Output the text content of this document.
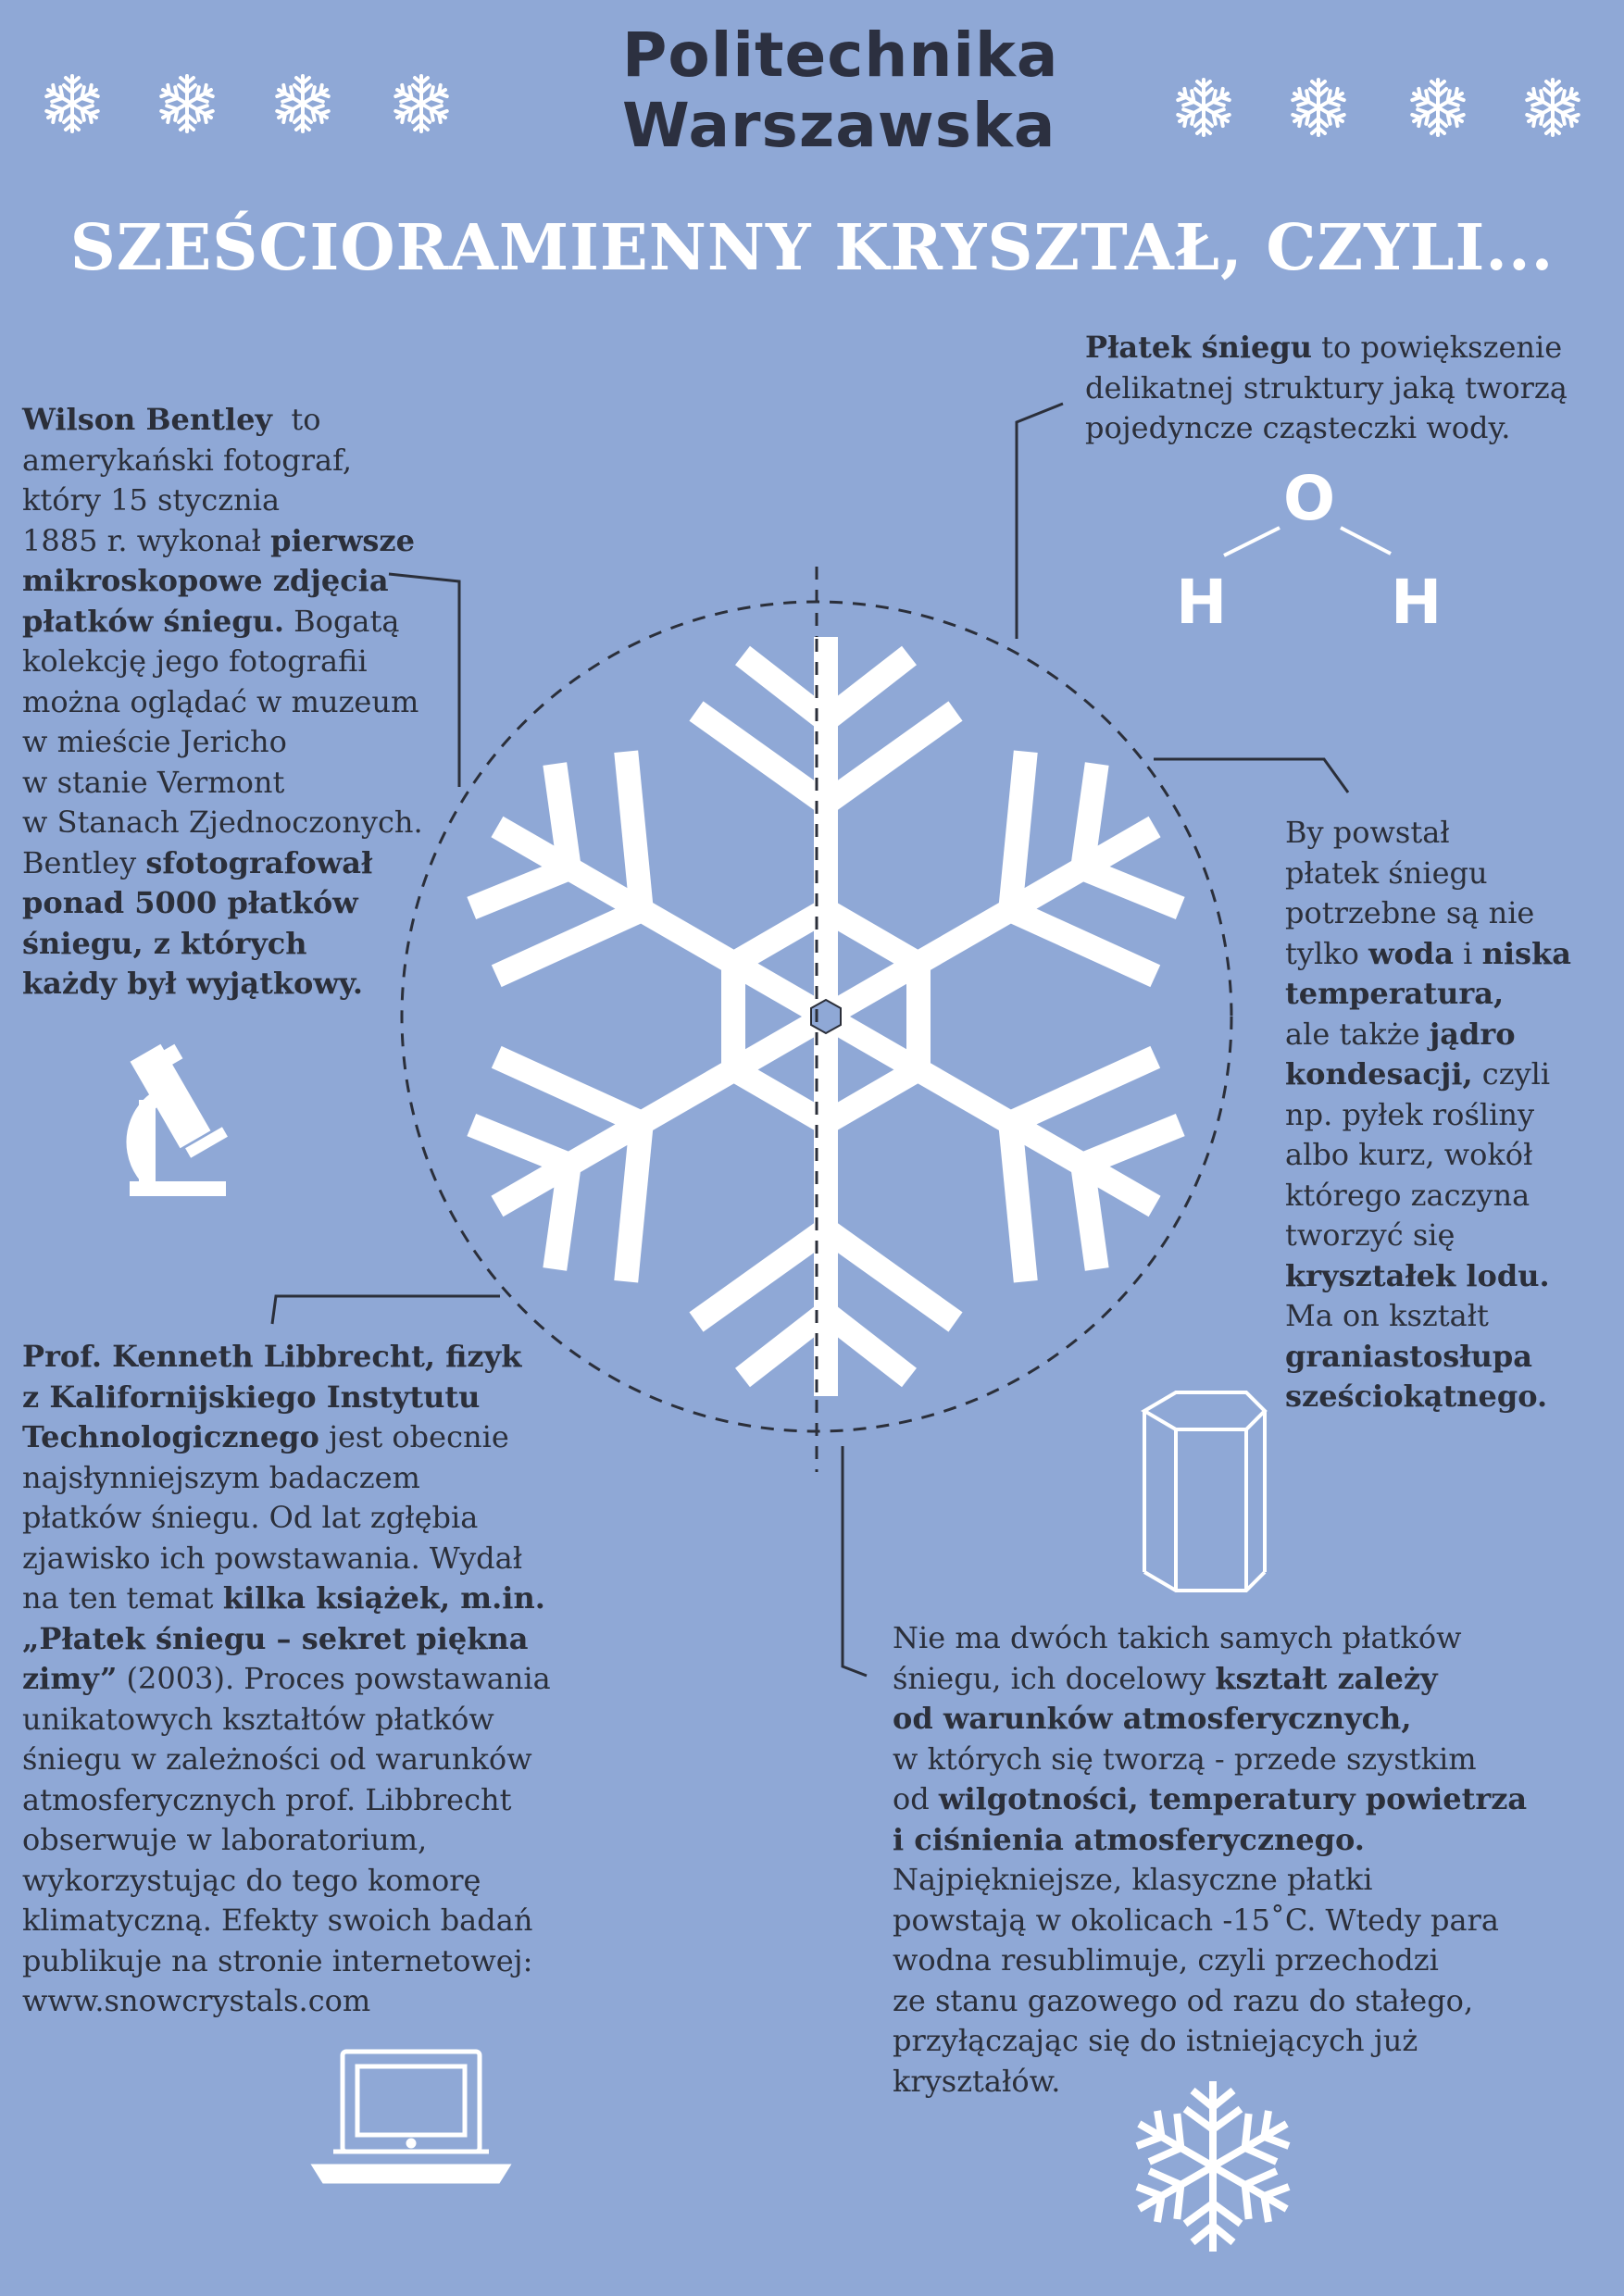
Politechnika
Warszawska
SZEŚCIORAMIENNY KRYSZTAŁ, CZYLI...
O
H	H
Wilson Bentley to
amerykański fotograf,
który 15 stycznia
1885 r. wykonał pierwsze
mikroskopowe zdjęcia
płatków śniegu. Bogatą
kolekcję jego fotografii
można oglądać w muzeum
w mieście Jericho
w stanie Vermont
w Stanach Zjednoczonych.
Bentley sfotografował
ponad 5000 płatków
śniegu, z których
każdy był wyjątkowy.
Płatek śniegu to powiększenie
delikatnej struktury jaką tworzą
pojedyncze cząsteczki wody.
By powstał
płatek śniegu
potrzebne są nie
tylko woda i niska
temperatura,
ale także jądro
kondesacji, czyli
np. pyłek rośliny
albo kurz, wokół
którego zaczyna
tworzyć się
kryształek lodu.
Ma on kształt
graniastosłupa
sześciokątnego.
Prof. Kenneth Libbrecht, fizyk
z Kalifornijskiego Instytutu
Technologicznego jest obecnie
najsłynniejszym badaczem
płatków śniegu. Od lat zgłębia
zjawisko ich powstawania. Wydał
na ten temat kilka książek, m.in.
„Płatek śniegu – sekret piękna
zimy” (2003). Proces powstawania
unikatowych kształtów płatków
śniegu w zależności od warunków
atmosferycznych prof. Libbrecht
obserwuje w laboratorium,
wykorzystując do tego komorę
klimatyczną. Efekty swoich badań
publikuje na stronie internetowej:
www.snowcrystals.com
Nie ma dwóch takich samych płatków
śniegu, ich docelowy kształt zależy
od warunków atmosferycznych,
w których się tworzą - przede szystkim
od wilgotności, temperatury powietrza
i ciśnienia atmosferycznego.
Najpiękniejsze, klasyczne płatki
powstają w okolicach -15˚C. Wtedy para
wodna resublimuje, czyli przechodzi
ze stanu gazowego od razu do stałego,
przyłączając się do istniejących już
kryształów.
